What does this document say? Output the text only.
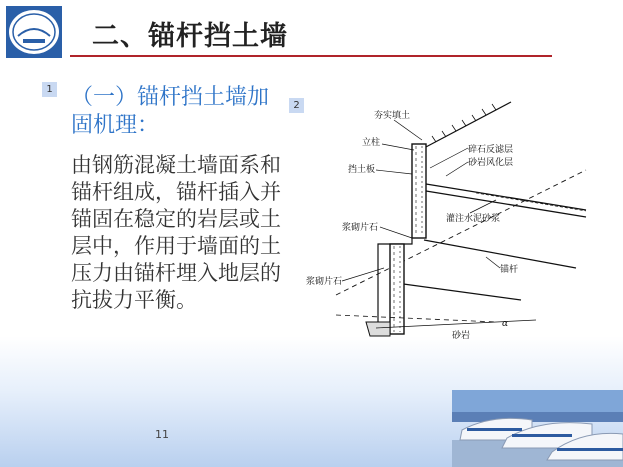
二、锚杆挡土墙
1 （一）锚杆挡土墙加固机理：
由钢筋混凝土墙面系和锚杆组成，锚杆插入并锚固在稳定的岩层或土层中，作用于墙面的土压力由锚杆埋入地层的抗拔力平衡。
2
夯实填土
立柱
挡土板
碎石反滤层
砂岩风化层
灌注水泥砂浆
浆砌片石
浆砌片石
锚杆
砂岩
α
11
